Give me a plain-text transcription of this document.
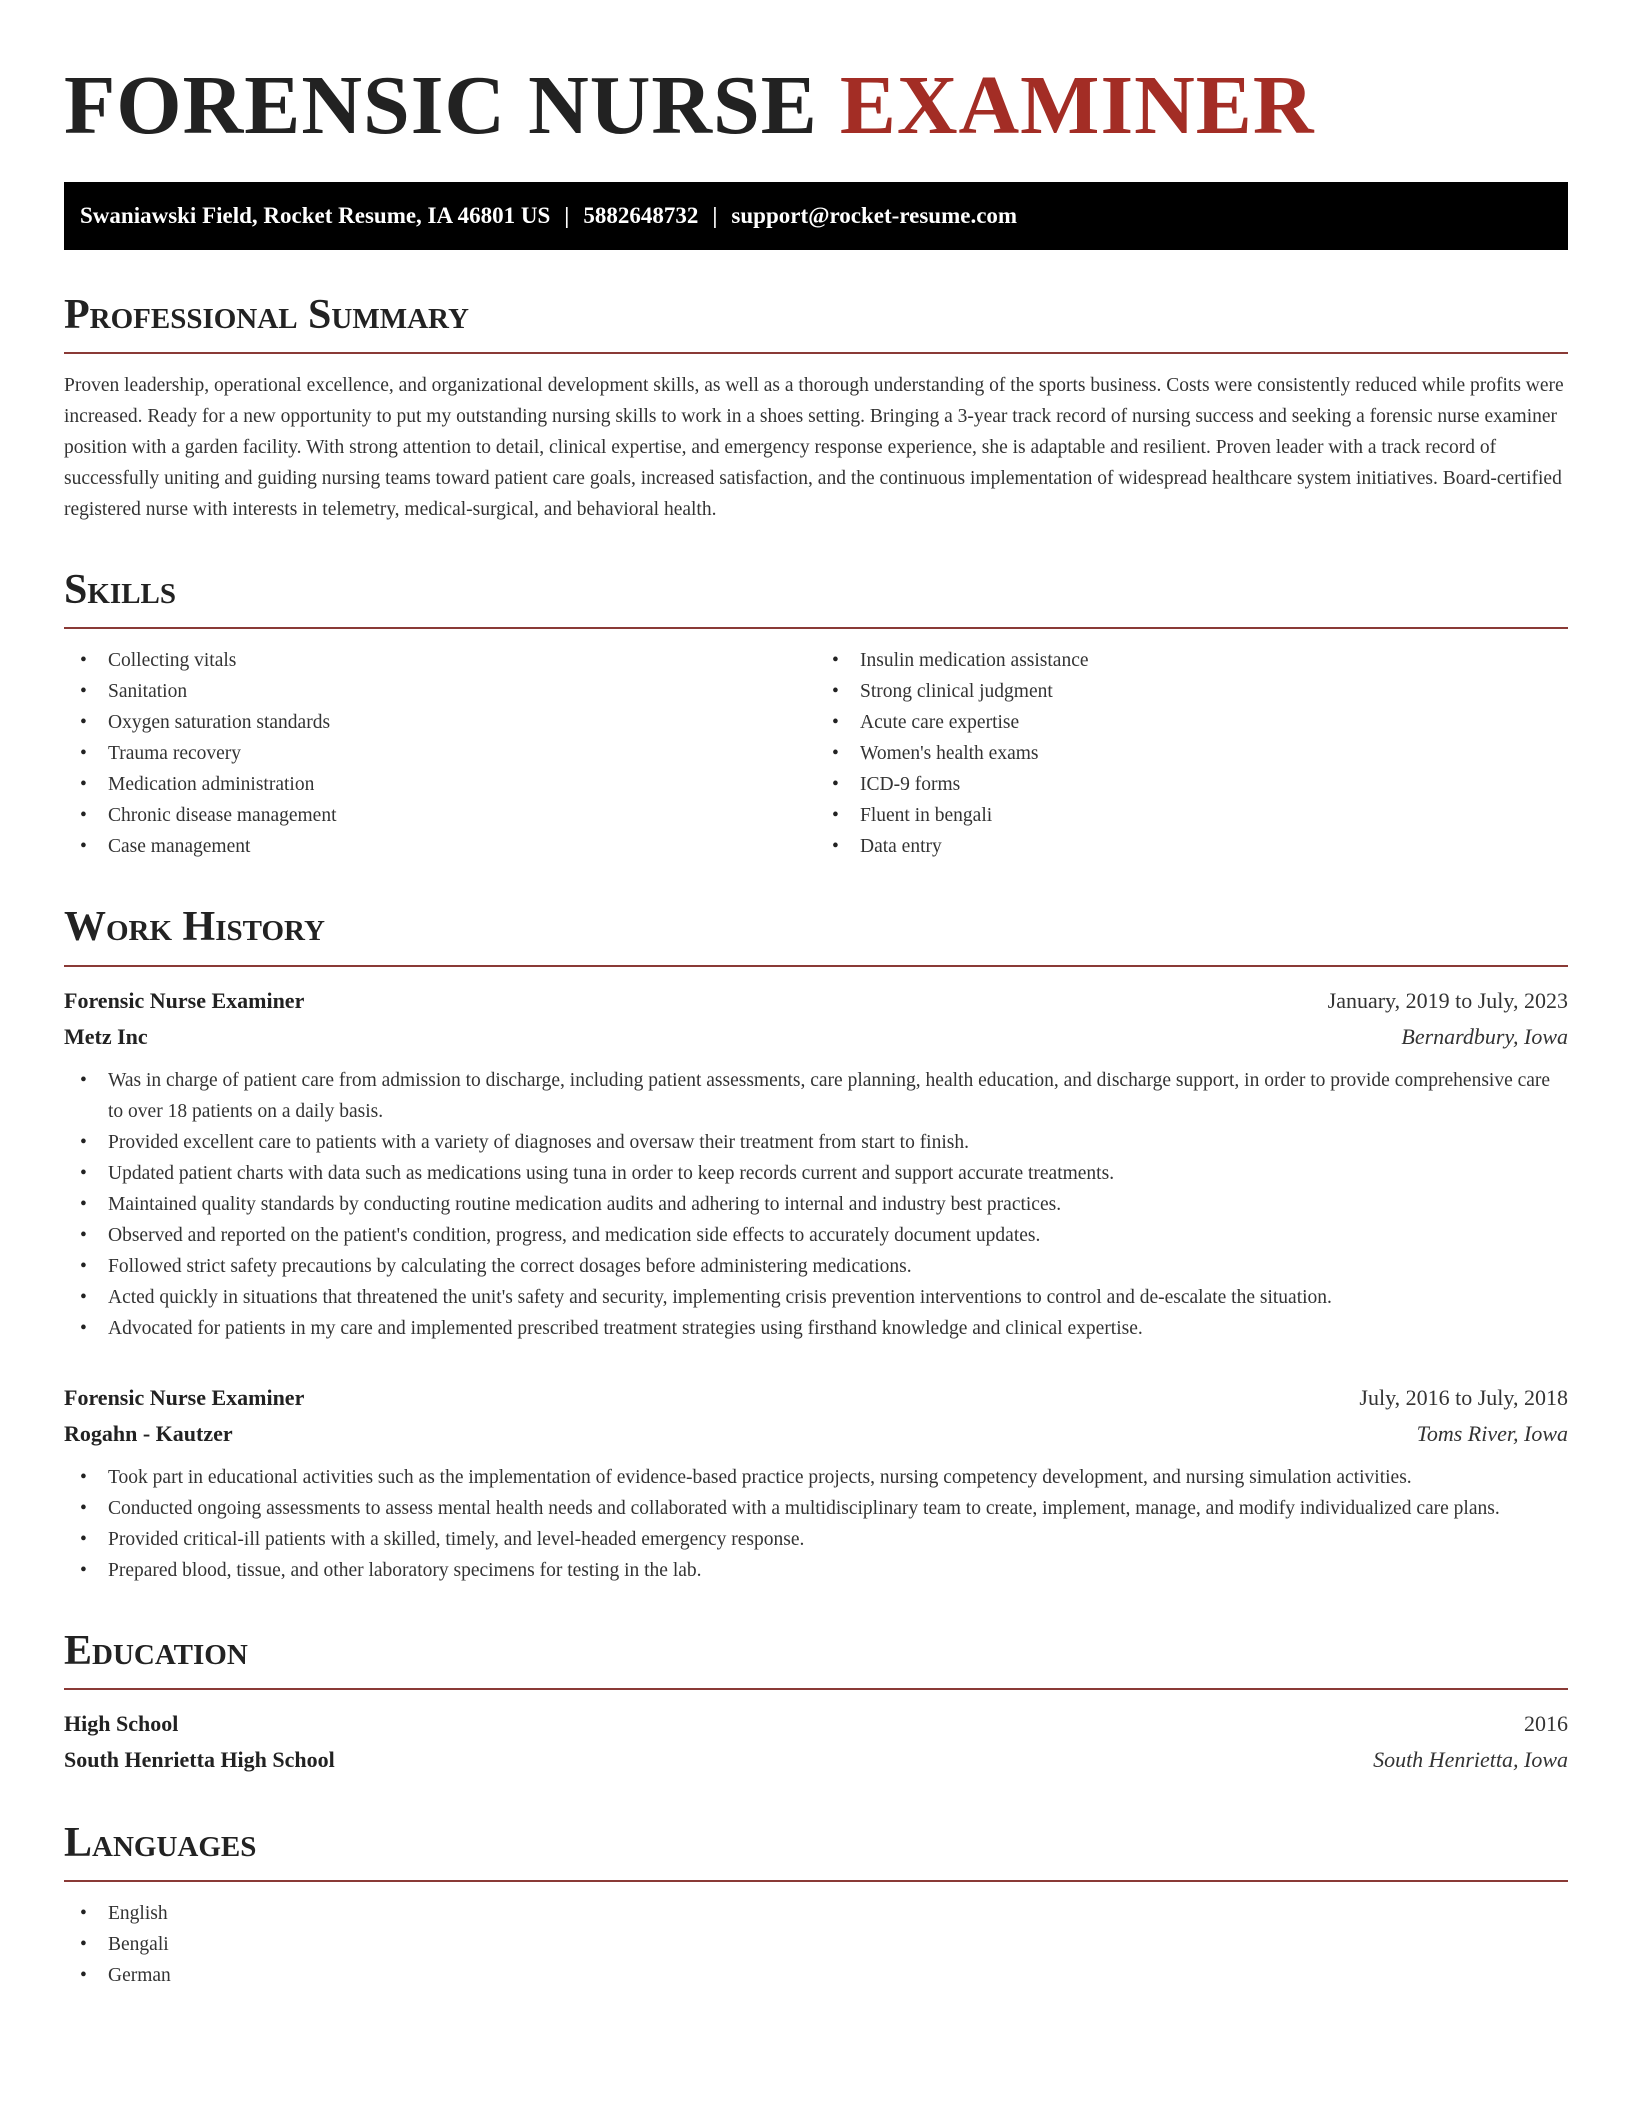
FORENSIC NURSE EXAMINER
Swaniawski Field, Rocket Resume, IA 46801 US | 5882648732 | support@rocket-resume.com
Professional Summary
Proven leadership, operational excellence, and organizational development skills, as well as a thorough understanding of the sports business. Costs were consistently reduced while profits were increased. Ready for a new opportunity to put my outstanding nursing skills to work in a shoes setting. Bringing a 3-year track record of nursing success and seeking a forensic nurse examiner position with a garden facility. With strong attention to detail, clinical expertise, and emergency response experience, she is adaptable and resilient. Proven leader with a track record of successfully uniting and guiding nursing teams toward patient care goals, increased satisfaction, and the continuous implementation of widespread healthcare system initiatives. Board-certified registered nurse with interests in telemetry, medical-surgical, and behavioral health.
Skills
• Collecting vitals
• Sanitation
• Oxygen saturation standards
• Trauma recovery
• Medication administration
• Chronic disease management
• Case management
• Insulin medication assistance
• Strong clinical judgment
• Acute care expertise
• Women's health exams
• ICD-9 forms
• Fluent in bengali
• Data entry
Work History
Forensic Nurse Examiner	January, 2019 to July, 2023
Metz Inc	Bernardbury, Iowa
• Was in charge of patient care from admission to discharge, including patient assessments, care planning, health education, and discharge support, in order to provide comprehensive care to over 18 patients on a daily basis.
• Provided excellent care to patients with a variety of diagnoses and oversaw their treatment from start to finish.
• Updated patient charts with data such as medications using tuna in order to keep records current and support accurate treatments.
• Maintained quality standards by conducting routine medication audits and adhering to internal and industry best practices.
• Observed and reported on the patient's condition, progress, and medication side effects to accurately document updates.
• Followed strict safety precautions by calculating the correct dosages before administering medications.
• Acted quickly in situations that threatened the unit's safety and security, implementing crisis prevention interventions to control and de-escalate the situation.
• Advocated for patients in my care and implemented prescribed treatment strategies using firsthand knowledge and clinical expertise.
Forensic Nurse Examiner	July, 2016 to July, 2018
Rogahn - Kautzer	Toms River, Iowa
• Took part in educational activities such as the implementation of evidence-based practice projects, nursing competency development, and nursing simulation activities.
• Conducted ongoing assessments to assess mental health needs and collaborated with a multidisciplinary team to create, implement, manage, and modify individualized care plans.
• Provided critical-ill patients with a skilled, timely, and level-headed emergency response.
• Prepared blood, tissue, and other laboratory specimens for testing in the lab.
Education
High School	2016
South Henrietta High School	South Henrietta, Iowa
Languages
• English
• Bengali
• German
